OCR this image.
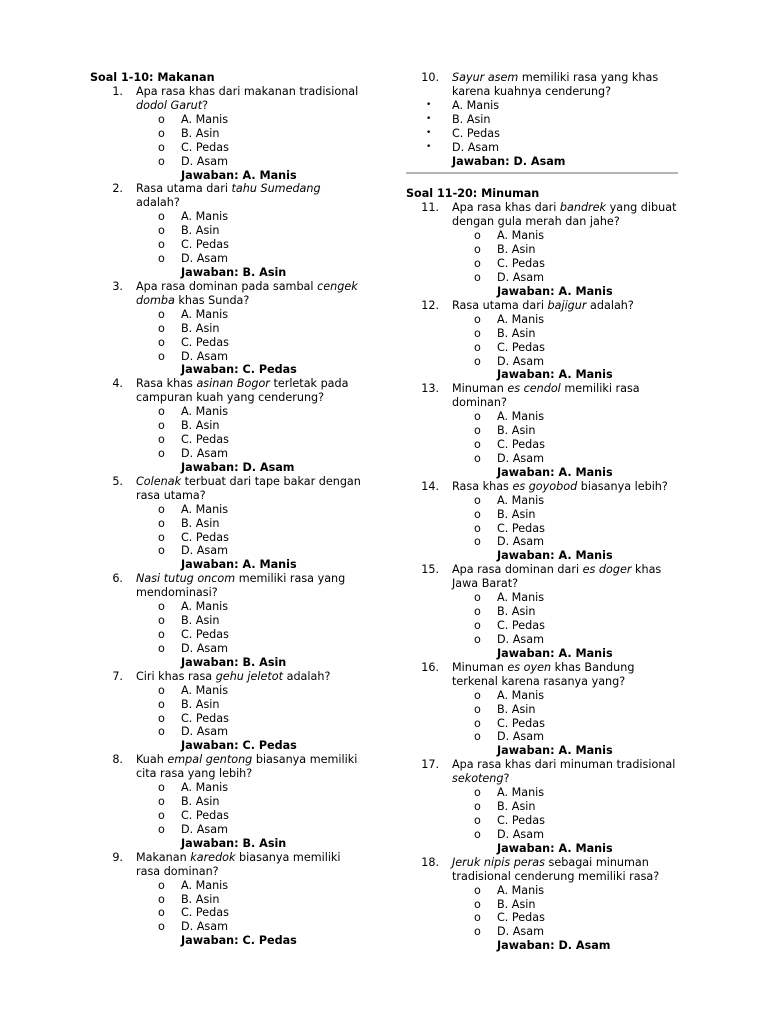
Soal 1-10: Makanan
1. Apa rasa khas dari makanan tradisional
dodol Garut?
o A. Manis
o B. Asin
o C. Pedas
o D. Asam
Jawaban: A. Manis
2. Rasa utama dari tahu Sumedang
adalah?
o A. Manis
o B. Asin
o C. Pedas
o D. Asam
Jawaban: B. Asin
3. Apa rasa dominan pada sambal cengek
domba khas Sunda?
o A. Manis
o B. Asin
o C. Pedas
o D. Asam
Jawaban: C. Pedas
4. Rasa khas asinan Bogor terletak pada
campuran kuah yang cenderung?
o A. Manis
o B. Asin
o C. Pedas
o D. Asam
Jawaban: D. Asam
5. Colenak terbuat dari tape bakar dengan
rasa utama?
o A. Manis
o B. Asin
o C. Pedas
o D. Asam
Jawaban: A. Manis
6. Nasi tutug oncom memiliki rasa yang
mendominasi?
o A. Manis
o B. Asin
o C. Pedas
o D. Asam
Jawaban: B. Asin
7. Ciri khas rasa gehu jeletot adalah?
o A. Manis
o B. Asin
o C. Pedas
o D. Asam
Jawaban: C. Pedas
8. Kuah empal gentong biasanya memiliki
cita rasa yang lebih?
o A. Manis
o B. Asin
o C. Pedas
o D. Asam
Jawaban: B. Asin
9. Makanan karedok biasanya memiliki
rasa dominan?
o A. Manis
o B. Asin
o C. Pedas
o D. Asam
Jawaban: C. Pedas
10. Sayur asem memiliki rasa yang khas
karena kuahnya cenderung?
• A. Manis
• B. Asin
• C. Pedas
• D. Asam
Jawaban: D. Asam
Soal 11-20: Minuman
11. Apa rasa khas dari bandrek yang dibuat
dengan gula merah dan jahe?
o A. Manis
o B. Asin
o C. Pedas
o D. Asam
Jawaban: A. Manis
12. Rasa utama dari bajigur adalah?
o A. Manis
o B. Asin
o C. Pedas
o D. Asam
Jawaban: A. Manis
13. Minuman es cendol memiliki rasa
dominan?
o A. Manis
o B. Asin
o C. Pedas
o D. Asam
Jawaban: A. Manis
14. Rasa khas es goyobod biasanya lebih?
o A. Manis
o B. Asin
o C. Pedas
o D. Asam
Jawaban: A. Manis
15. Apa rasa dominan dari es doger khas
Jawa Barat?
o A. Manis
o B. Asin
o C. Pedas
o D. Asam
Jawaban: A. Manis
16. Minuman es oyen khas Bandung
terkenal karena rasanya yang?
o A. Manis
o B. Asin
o C. Pedas
o D. Asam
Jawaban: A. Manis
17. Apa rasa khas dari minuman tradisional
sekoteng?
o A. Manis
o B. Asin
o C. Pedas
o D. Asam
Jawaban: A. Manis
18. Jeruk nipis peras sebagai minuman
tradisional cenderung memiliki rasa?
o A. Manis
o B. Asin
o C. Pedas
o D. Asam
Jawaban: D. Asam
